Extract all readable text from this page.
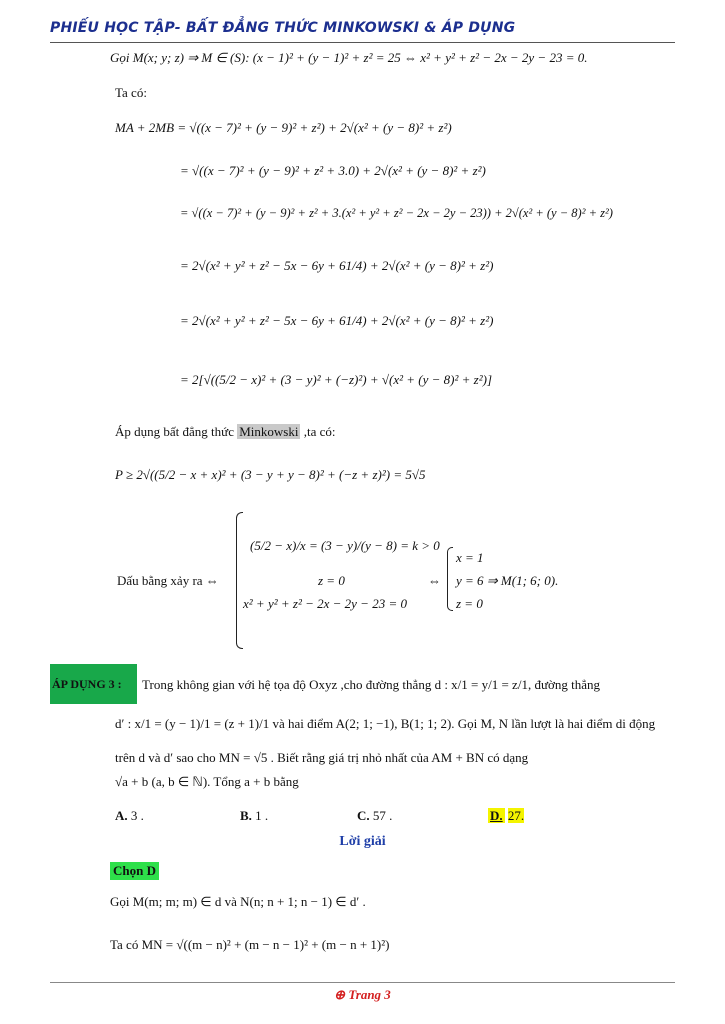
PHIẾU HỌC TẬP- BẤT ĐẲNG THỨC MINKOWSKI & ÁP DỤNG
Gọi M(x; y; z) ⇒ M ∈ (S): (x − 1)² + (y − 1)² + z² = 25 ⇔ x² + y² + z² − 2x − 2y − 23 = 0.
Ta có:
MA + 2MB = √((x − 7)² + (y − 9)² + z²) + 2√(x² + (y − 8)² + z²)
= √((x − 7)² + (y − 9)² + z² + 3.0) + 2√(x² + (y − 8)² + z²)
= √((x − 7)² + (y − 9)² + z² + 3.(x² + y² + z² − 2x − 2y − 23)) + 2√(x² + (y − 8)² + z²)
= 2√(x² + y² + z² − 5x − 6y + 61/4) + 2√(x² + (y − 8)² + z²)
= 2√(x² + y² + z² − 5x − 6y + 61/4) + 2√(x² + (y − 8)² + z²)
= 2[√((5/2 − x)² + (3 − y)² + (−z)²) + √(x² + (y − 8)² + z²)]
Áp dụng bất đẳng thức Minkowski ,ta có:
P ≥ 2√((5/2 − x + x)² + (3 − y + y − 8)² + (−z + z)²) = 5√5
Dấu bằng xảy ra ⇔
(5/2 − x)/x = (3 − y)/(y − 8) = k > 0
z = 0
x² + y² + z² − 2x − 2y − 23 = 0
⇔
x = 1
y = 6 ⇒ M(1; 6; 0).
z = 0
ÁP DỤNG 3 :	Trong không gian với hệ tọa độ Oxyz ,cho đường thẳng d : x/1 = y/1 = z/1, đường thẳng
d′ : x/1 = (y − 1)/1 = (z + 1)/1 và hai điểm A(2; 1; −1), B(1; 1; 2). Gọi M, N lần lượt là hai điểm di động
trên d và d′ sao cho MN = √5 . Biết rằng giá trị nhỏ nhất của AM + BN có dạng
√a + b (a, b ∈ ℕ). Tổng a + b bằng
A. 3 .	B. 1 .	C. 57 .	D. 27.
Lời giải
Chọn D
Gọi M(m; m; m) ∈ d và N(n; n + 1; n − 1) ∈ d′ .
Ta có MN = √((m − n)² + (m − n − 1)² + (m − n + 1)²)
⊕ Trang 3
